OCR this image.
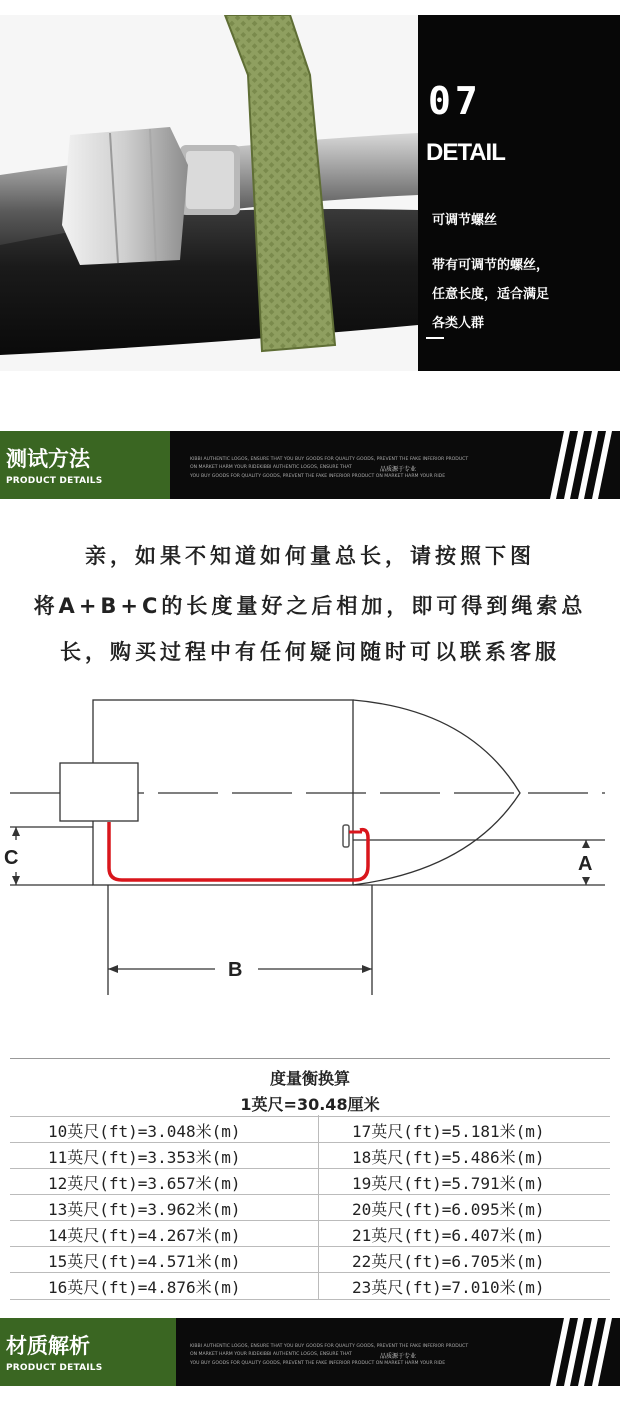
07
DETAIL
可调节螺丝
带有可调节的螺丝，
任意长度，适合满足
各类人群
测试方法
PRODUCT DETAILS
KIBBI AUTHENTIC LOGOS, ENSURE THAT YOU BUY GOODS FOR QUALITY GOODS, PREVENT THE FAKE INFERIOR PRODUCT
ON MARKET HARM YOUR RIDEKIBBI AUTHENTIC LOGOS, ENSURE THAT	品质源于专业
YOU BUY GOODS FOR QUALITY GOODS, PREVENT THE FAKE INFERIOR PRODUCT ON MARKET HARM YOUR RIDE
亲，如果不知道如何量总长，请按照下图
将A+B+C的长度量好之后相加，即可得到绳索总
长，购买过程中有任何疑问随时可以联系客服
C	A
B
度量衡换算
1英尺=30.48厘米
10英尺(ft)=3.048米(m)	17英尺(ft)=5.181米(m)
11英尺(ft)=3.353米(m)	18英尺(ft)=5.486米(m)
12英尺(ft)=3.657米(m)	19英尺(ft)=5.791米(m)
13英尺(ft)=3.962米(m)	20英尺(ft)=6.095米(m)
14英尺(ft)=4.267米(m)	21英尺(ft)=6.407米(m)
15英尺(ft)=4.571米(m)	22英尺(ft)=6.705米(m)
16英尺(ft)=4.876米(m)	23英尺(ft)=7.010米(m)
材质解析
PRODUCT DETAILS
KIBBI AUTHENTIC LOGOS, ENSURE THAT YOU BUY GOODS FOR QUALITY GOODS, PREVENT THE FAKE INFERIOR PRODUCT
ON MARKET HARM YOUR RIDEKIBBI AUTHENTIC LOGOS, ENSURE THAT	品质源于专业
YOU BUY GOODS FOR QUALITY GOODS, PREVENT THE FAKE INFERIOR PRODUCT ON MARKET HARM YOUR RIDE
